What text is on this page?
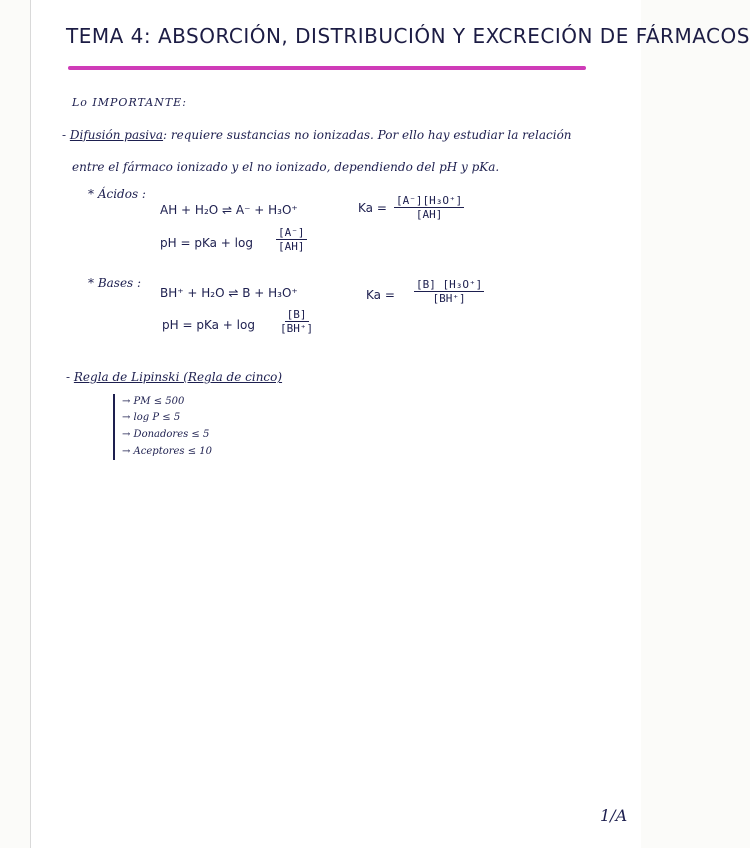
TEMA 4: ABSORCIÓN, DISTRIBUCIÓN Y EXCRECIÓN DE FÁRMACOS
Lo IMPORTANTE:
- Difusión pasiva: requiere sustancias no ionizadas. Por ello hay estudiar la relación
entre el fármaco ionizado y el no ionizado, dependiendo del pH y pKa.
* Ácidos :
AH + H₂O ⇌ A⁻ + H₃O⁺
pH = pKa + $\log \frac{[A^-]}{[AH]}$
$Ka = \frac{\text{[A⁻][H₃O⁺]}}{[AH]}$
* Bases :
BH⁺ + H₂O ⇌ B + H₃O⁺
pH = pKa + $\log \frac{[B]}{[BH^+]}$
$Ka = \frac{\text{[B] [H₃O⁺]}}{[BH^+]}$
- Regla de Lipinski (Regla de cinco)
→ PM ≤ 500
→ log P ≤ 5
→ Donadores ≤ 5
→ Aceptores ≤ 10
1/A
